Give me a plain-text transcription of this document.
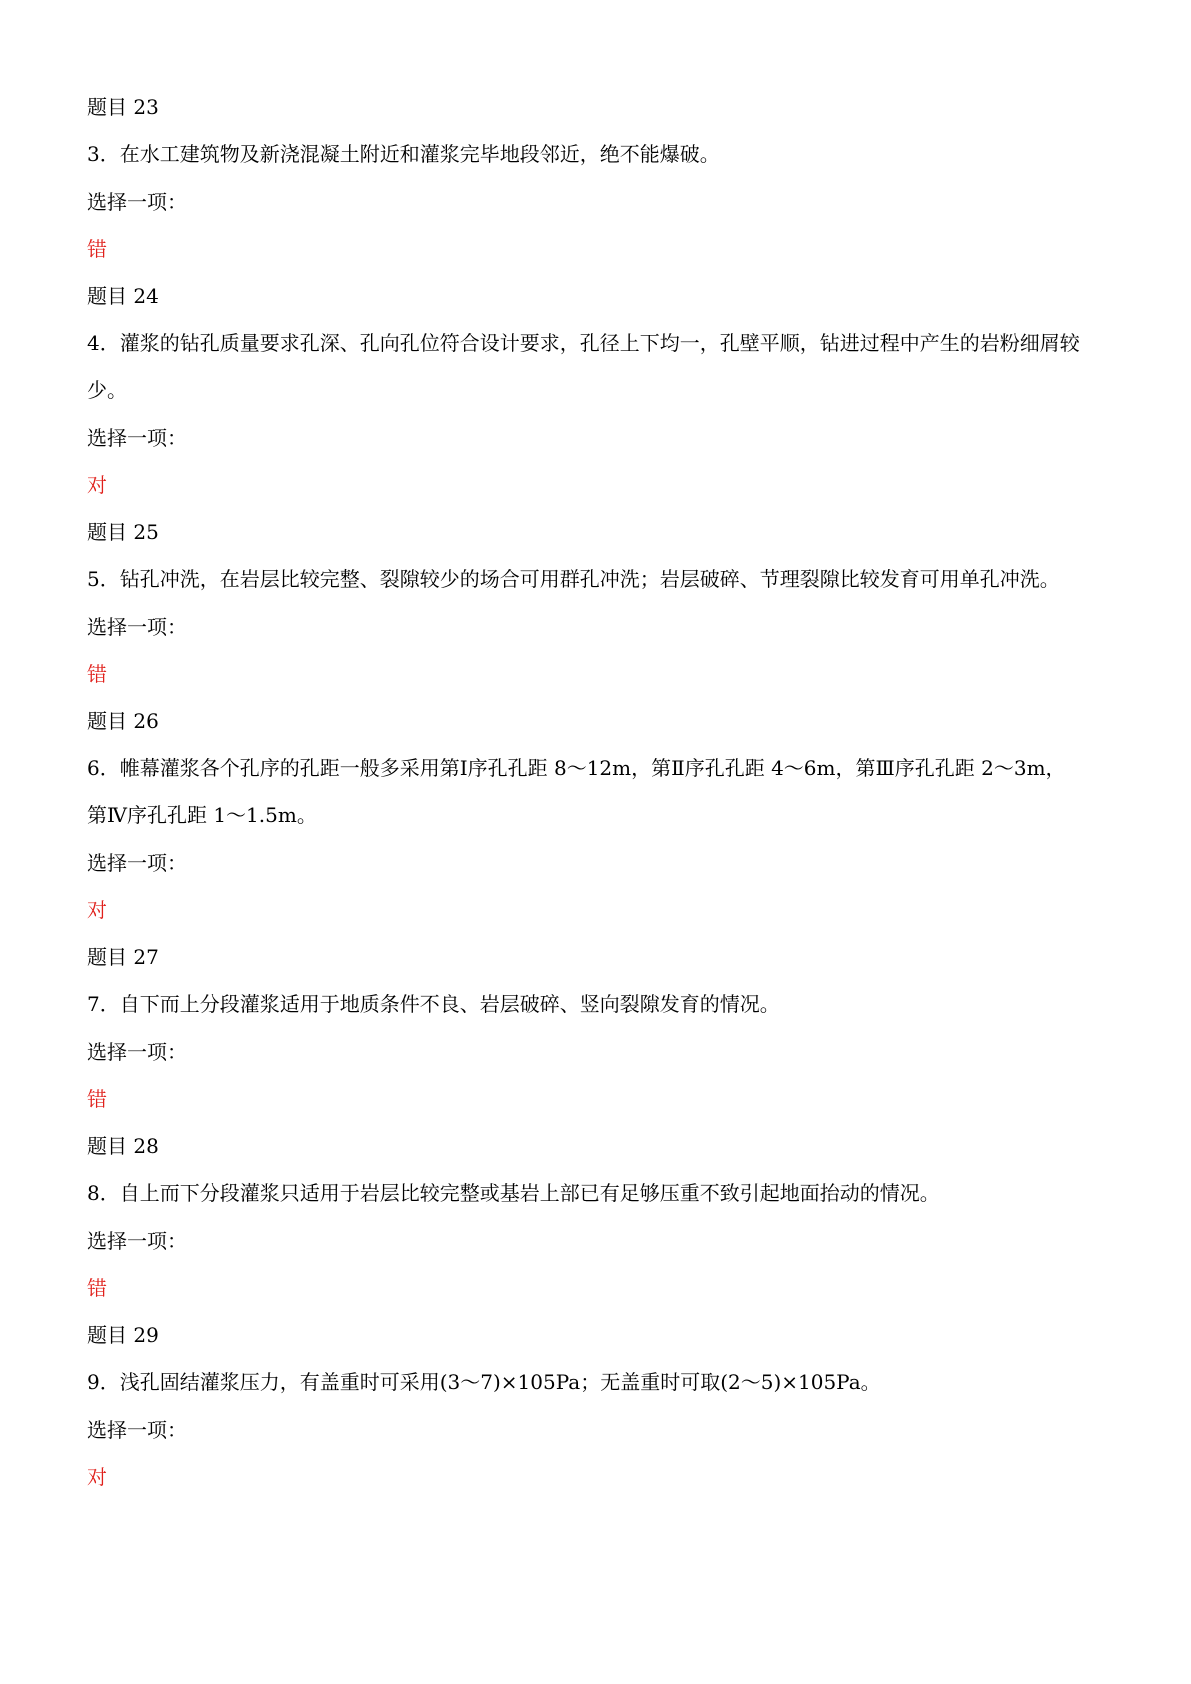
题目 23
3．在水工建筑物及新浇混凝土附近和灌浆完毕地段邻近，绝不能爆破。
选择一项：
错
题目 24
4．灌浆的钻孔质量要求孔深、孔向孔位符合设计要求，孔径上下均一，孔壁平顺，钻进过程中产生的岩粉细屑较少。
选择一项：
对
题目 25
5．钻孔冲洗，在岩层比较完整、裂隙较少的场合可用群孔冲洗；岩层破碎、节理裂隙比较发育可用单孔冲洗。
选择一项：
错
题目 26
6．帷幕灌浆各个孔序的孔距一般多采用第Ⅰ序孔孔距 8～12m，第Ⅱ序孔孔距 4～6m，第Ⅲ序孔孔距 2～3m，第Ⅳ序孔孔距 1～1.5m。
选择一项：
对
题目 27
7．自下而上分段灌浆适用于地质条件不良、岩层破碎、竖向裂隙发育的情况。
选择一项：
错
题目 28
8．自上而下分段灌浆只适用于岩层比较完整或基岩上部已有足够压重不致引起地面抬动的情况。
选择一项：
错
题目 29
9．浅孔固结灌浆压力，有盖重时可采用(3～7)×105Pa；无盖重时可取(2～5)×105Pa。
选择一项：
对
